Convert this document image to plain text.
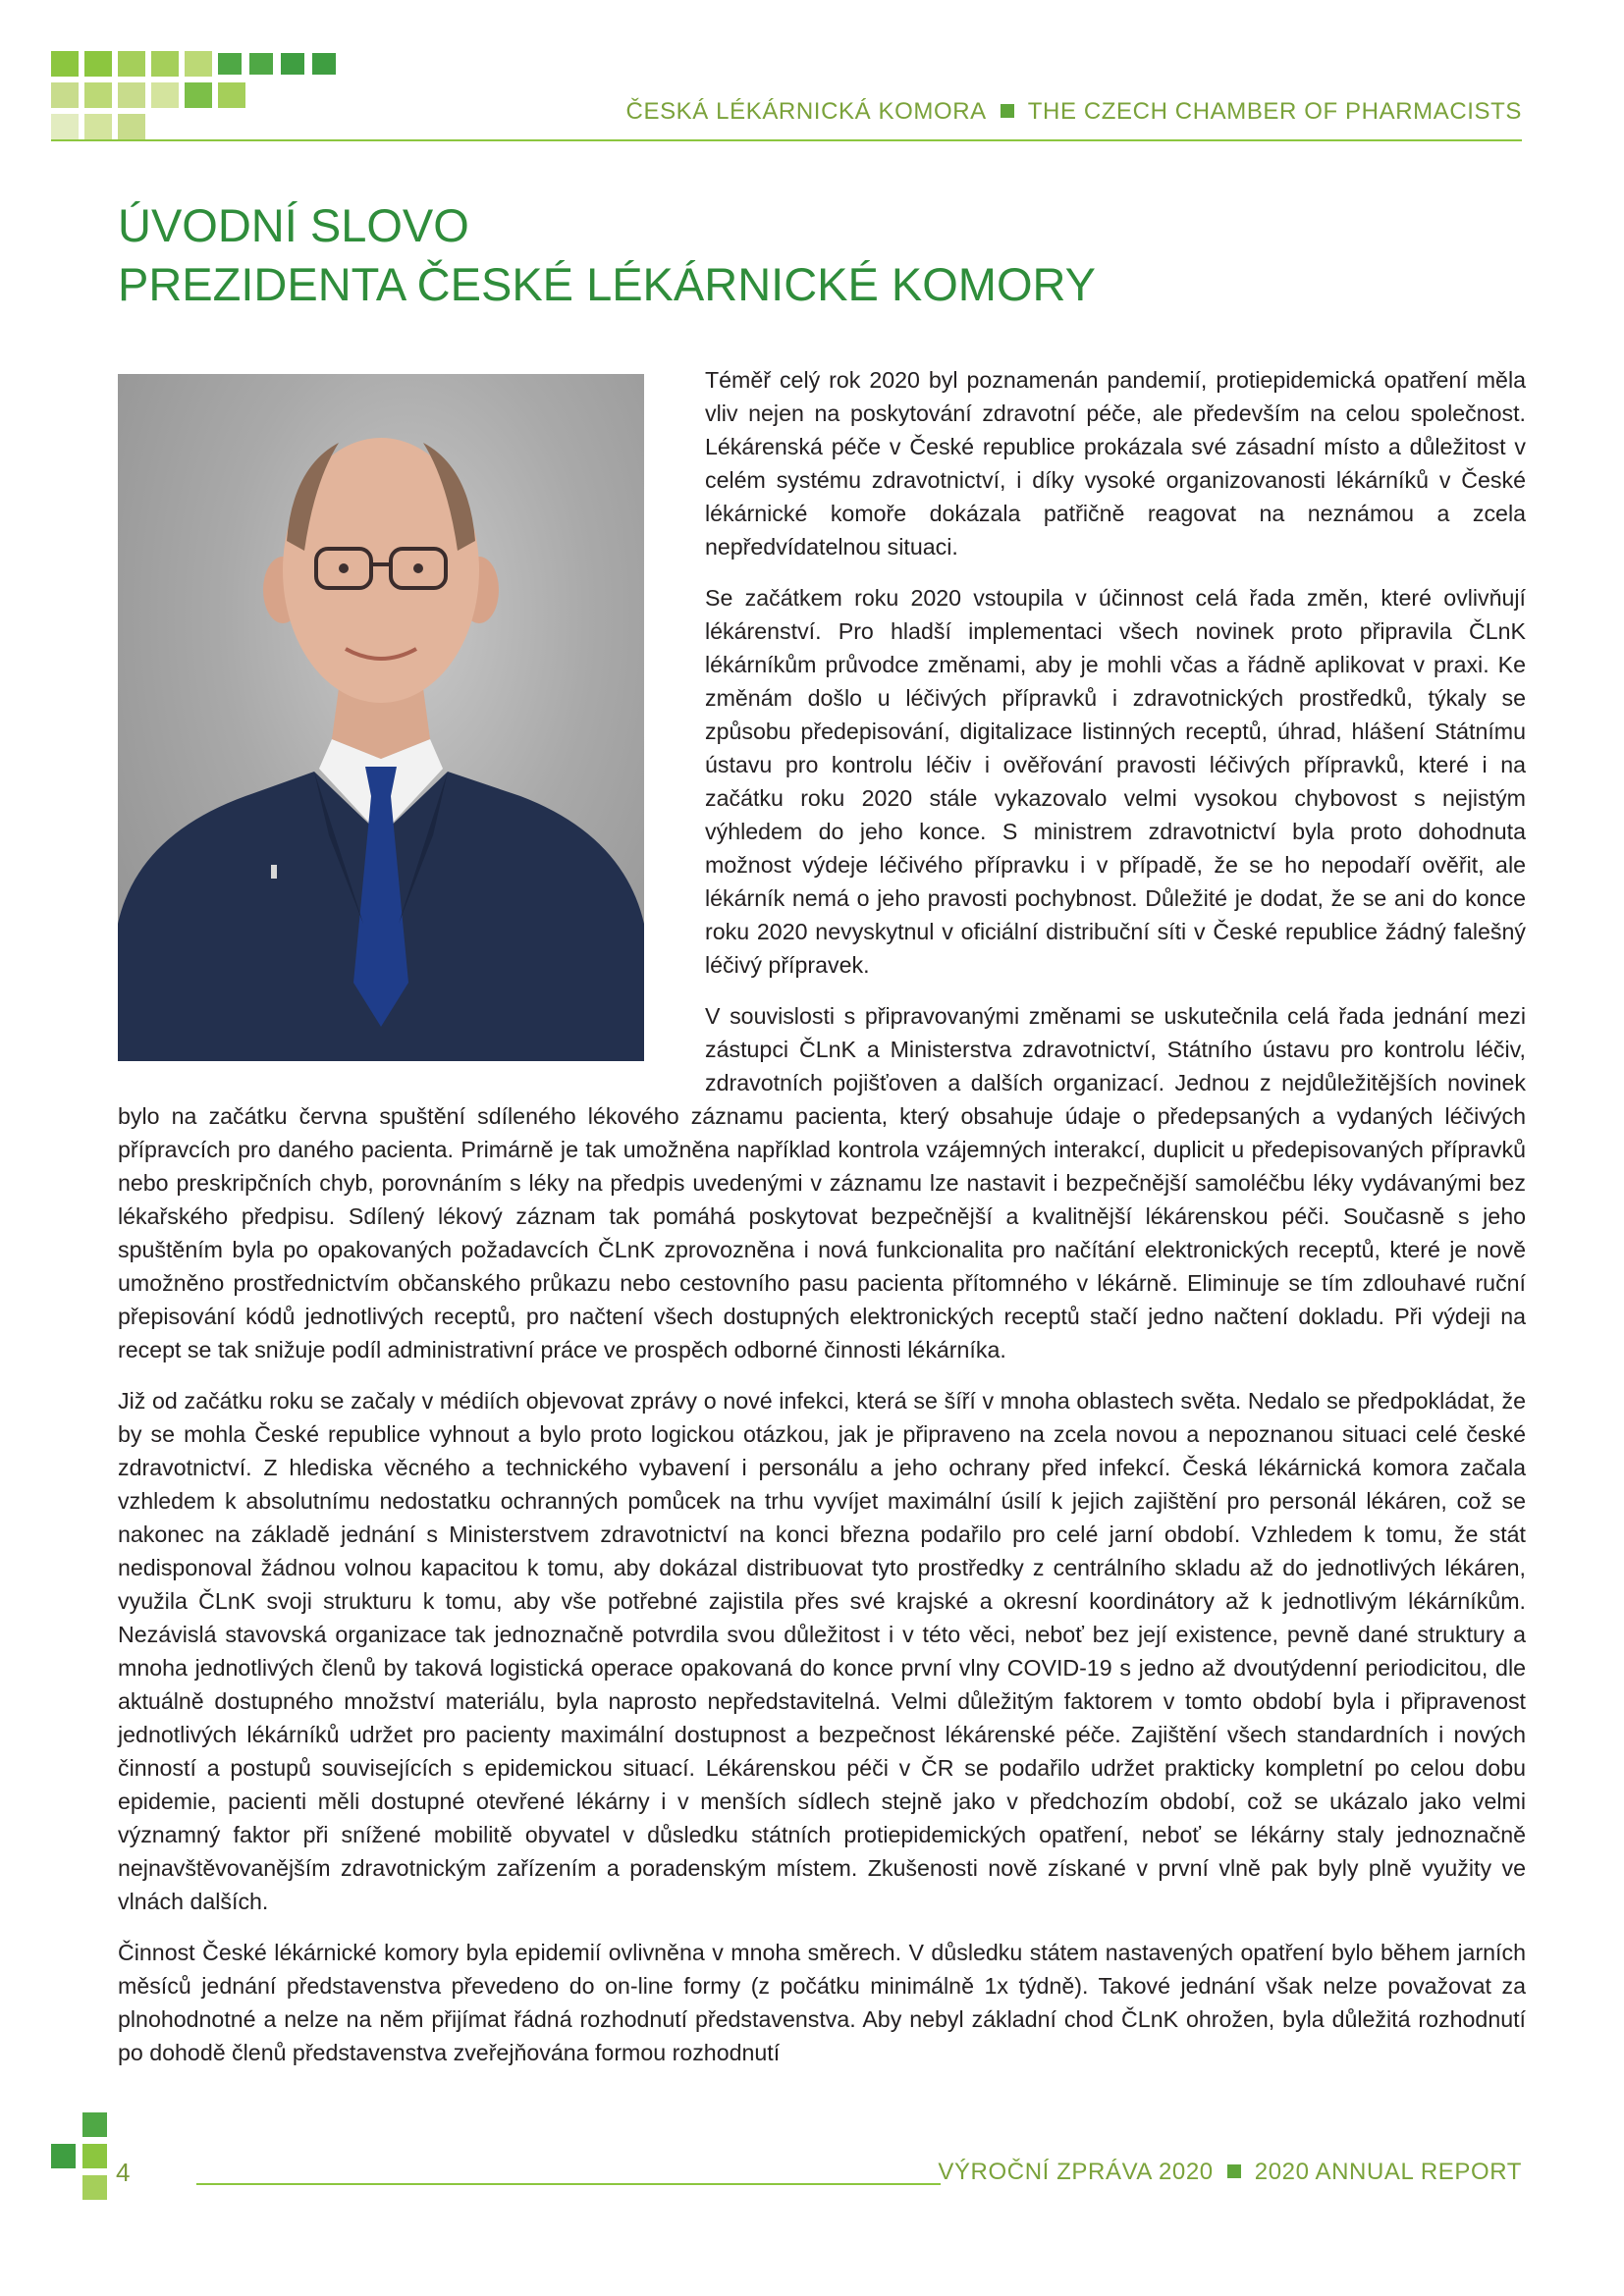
ČESKÁ LÉKÁRNICKÁ KOMORA THE CZECH CHAMBER OF PHARMACISTS
ÚVODNÍ SLOVO
PREZIDENTA ČESKÉ LÉKÁRNICKÉ KOMORY

Téměř celý rok 2020 byl poznamenán pandemií, protiepidemická opatření měla vliv nejen na poskytování zdravotní péče, ale především na celou společnost. Lékárenská péče v České republice prokázala své zásadní místo a důležitost v celém systému zdravotnictví, i díky vysoké organizovanosti lékárníků v České lékárnické komoře dokázala patřičně reagovat na neznámou a zcela nepředvídatelnou situaci.

Se začátkem roku 2020 vstoupila v účinnost celá řada změn, které ovlivňují lékárenství. Pro hladší implementaci všech novinek proto připravila ČLnK lékárníkům průvodce změnami, aby je mohli včas a řádně aplikovat v praxi. Ke změnám došlo u léčivých přípravků i zdravotnických prostředků, týkaly se způsobu předepisování, digitalizace listinných receptů, úhrad, hlášení Státnímu ústavu pro kontrolu léčiv i ověřování pravosti léčivých přípravků, které i na začátku roku 2020 stále vykazovalo velmi vysokou chybovost s nejistým výhledem do jeho konce. S ministrem zdravotnictví byla proto dohodnuta možnost výdeje léčivého přípravku i v případě, že se ho nepodaří ověřit, ale lékárník nemá o jeho pravosti pochybnost. Důležité je dodat, že se ani do konce roku 2020 nevyskytnul v oficiální distribuční síti v České republice žádný falešný léčivý přípravek.

V souvislosti s připravovanými změnami se uskutečnila celá řada jednání mezi zástupci ČLnK a Ministerstva zdravotnictví, Státního ústavu pro kontrolu léčiv, zdravotních pojišťoven a dalších organizací. Jednou z nejdůležitějších novinek bylo na začátku června spuštění sdíleného lékového záznamu pacienta, který obsahuje údaje o předepsaných a vydaných léčivých přípravcích pro daného pacienta. Primárně je tak umožněna například kontrola vzájemných interakcí, duplicit u předepisovaných přípravků nebo preskripčních chyb, porovnáním s léky na předpis uvedenými v záznamu lze nastavit i bezpečnější samoléčbu léky vydávanými bez lékařského předpisu. Sdílený lékový záznam tak pomáhá poskytovat bezpečnější a kvalitnější lékárenskou péči. Současně s jeho spuštěním byla po opakovaných požadavcích ČLnK zprovozněna i nová funkcionalita pro načítání elektronických receptů, které je nově umožněno prostřednictvím občanského průkazu nebo cestovního pasu pacienta přítomného v lékárně. Eliminuje se tím zdlouhavé ruční přepisování kódů jednotlivých receptů, pro načtení všech dostupných elektronických receptů stačí jedno načtení dokladu. Při výdeji na recept se tak snižuje podíl administrativní práce ve prospěch odborné činnosti lékárníka.

Již od začátku roku se začaly v médiích objevovat zprávy o nové infekci, která se šíří v mnoha oblastech světa. Nedalo se předpokládat, že by se mohla České republice vyhnout a bylo proto logickou otázkou, jak je připraveno na zcela novou a nepoznanou situaci celé české zdravotnictví. Z hlediska věcného a technického vybavení i personálu a jeho ochrany před infekcí. Česká lékárnická komora začala vzhledem k absolutnímu nedostatku ochranných pomůcek na trhu vyvíjet maximální úsilí k jejich zajištění pro personál lékáren, což se nakonec na základě jednání s Ministerstvem zdravotnictví na konci března podařilo pro celé jarní období. Vzhledem k tomu, že stát nedisponoval žádnou volnou kapacitou k tomu, aby dokázal distribuovat tyto prostředky z centrálního skladu až do jednotlivých lékáren, využila ČLnK svoji strukturu k tomu, aby vše potřebné zajistila přes své krajské a okresní koordinátory až k jednotlivým lékárníkům. Nezávislá stavovská organizace tak jednoznačně potvrdila svou důležitost i v této věci, neboť bez její existence, pevně dané struktury a mnoha jednotlivých členů by taková logistická operace opakovaná do konce první vlny COVID-19 s jedno až dvoutýdenní periodicitou, dle aktuálně dostupného množství materiálu, byla naprosto nepředstavitelná. Velmi důležitým faktorem v tomto období byla i připravenost jednotlivých lékárníků udržet pro pacienty maximální dostupnost a bezpečnost lékárenské péče. Zajištění všech standardních i nových činností a postupů souvisejících s epidemickou situací. Lékárenskou péči v ČR se podařilo udržet prakticky kompletní po celou dobu epidemie, pacienti měli dostupné otevřené lékárny i v menších sídlech stejně jako v předchozím období, což se ukázalo jako velmi významný faktor při snížené mobilitě obyvatel v důsledku státních protiepidemických opatření, neboť se lékárny staly jednoznačně nejnavštěvovanějším zdravotnickým zařízením a poradenským místem. Zkušenosti nově získané v první vlně pak byly plně využity ve vlnách dalších.

Činnost České lékárnické komory byla epidemií ovlivněna v mnoha směrech. V důsledku státem nastavených opatření bylo během jarních měsíců jednání představenstva převedeno do on-line formy (z počátku minimálně 1x týdně). Takové jednání však nelze považovat za plnohodnotné a nelze na něm přijímat řádná rozhodnutí představenstva. Aby nebyl základní chod ČLnK ohrožen, byla důležitá rozhodnutí po dohodě členů představenstva zveřejňována formou rozhodnutí

4	VÝROČNÍ ZPRÁVA 2020 2020 ANNUAL REPORT
